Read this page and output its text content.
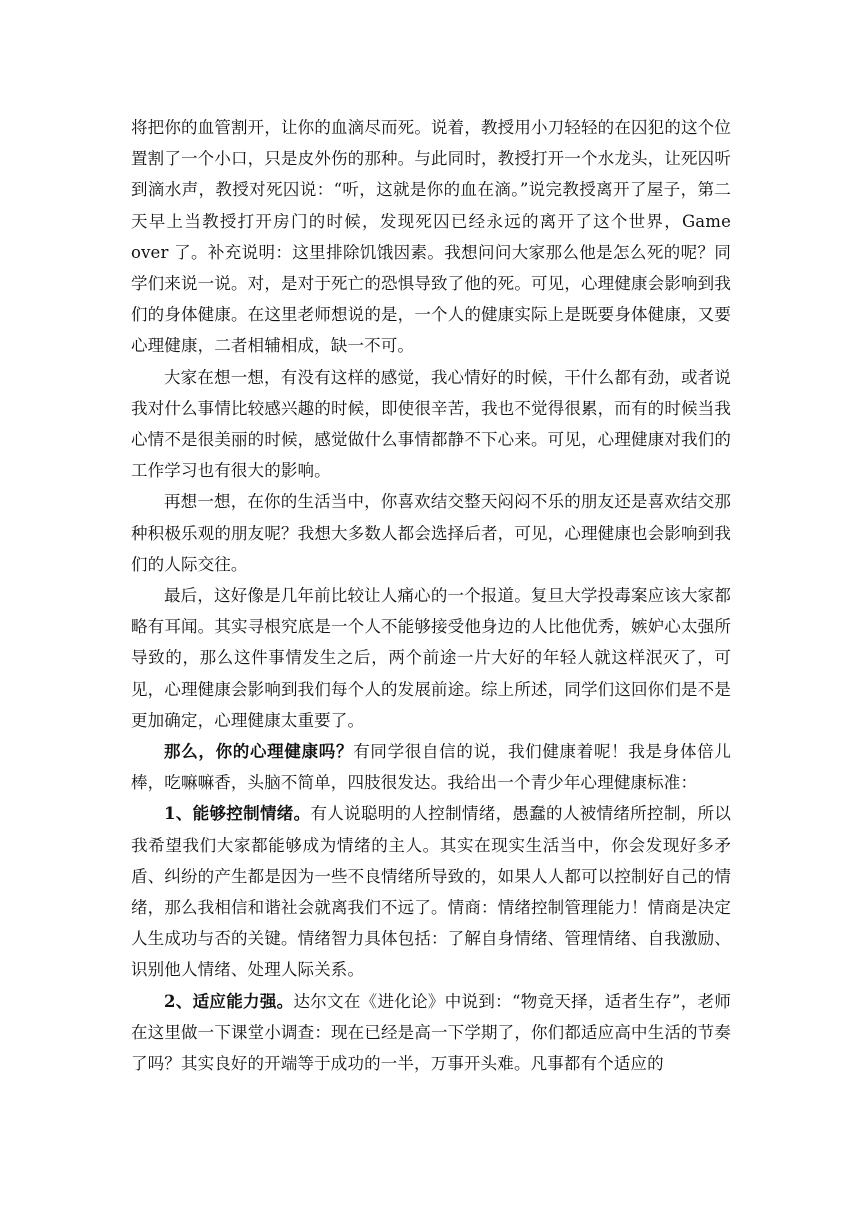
将把你的血管割开，让你的血滴尽而死。说着，教授用小刀轻轻的在囚犯的这个位置割了一个小口，只是皮外伤的那种。与此同时，教授打开一个水龙头，让死囚听到滴水声，教授对死囚说：“听，这就是你的血在滴。”说完教授离开了屋子，第二天早上当教授打开房门的时候，发现死囚已经永远的离开了这个世界，Game over 了。补充说明：这里排除饥饿因素。我想问问大家那么他是怎么死的呢？同学们来说一说。对，是对于死亡的恐惧导致了他的死。可见，心理健康会影响到我们的身体健康。在这里老师想说的是，一个人的健康实际上是既要身体健康，又要心理健康，二者相辅相成，缺一不可。

大家在想一想，有没有这样的感觉，我心情好的时候，干什么都有劲，或者说我对什么事情比较感兴趣的时候，即使很辛苦，我也不觉得很累，而有的时候当我心情不是很美丽的时候，感觉做什么事情都静不下心来。可见，心理健康对我们的工作学习也有很大的影响。

再想一想，在你的生活当中，你喜欢结交整天闷闷不乐的朋友还是喜欢结交那种积极乐观的朋友呢？我想大多数人都会选择后者，可见，心理健康也会影响到我们的人际交往。

最后，这好像是几年前比较让人痛心的一个报道。复旦大学投毒案应该大家都略有耳闻。其实寻根究底是一个人不能够接受他身边的人比他优秀，嫉妒心太强所导致的，那么这件事情发生之后，两个前途一片大好的年轻人就这样泯灭了，可见，心理健康会影响到我们每个人的发展前途。综上所述，同学们这回你们是不是更加确定，心理健康太重要了。

那么，你的心理健康吗？有同学很自信的说，我们健康着呢！我是身体倍儿棒，吃嘛嘛香，头脑不简单，四肢很发达。我给出一个青少年心理健康标准：

1、能够控制情绪。有人说聪明的人控制情绪，愚蠢的人被情绪所控制，所以我希望我们大家都能够成为情绪的主人。其实在现实生活当中，你会发现好多矛盾、纠纷的产生都是因为一些不良情绪所导致的，如果人人都可以控制好自己的情绪，那么我相信和谐社会就离我们不远了。情商：情绪控制管理能力！情商是决定人生成功与否的关键。情绪智力具体包括：了解自身情绪、管理情绪、自我激励、识别他人情绪、处理人际关系。

2、适应能力强。达尔文在《进化论》中说到：“物竞天择，适者生存”，老师在这里做一下课堂小调查：现在已经是高一下学期了，你们都适应高中生活的节奏了吗？其实良好的开端等于成功的一半，万事开头难。凡事都有个适应的
